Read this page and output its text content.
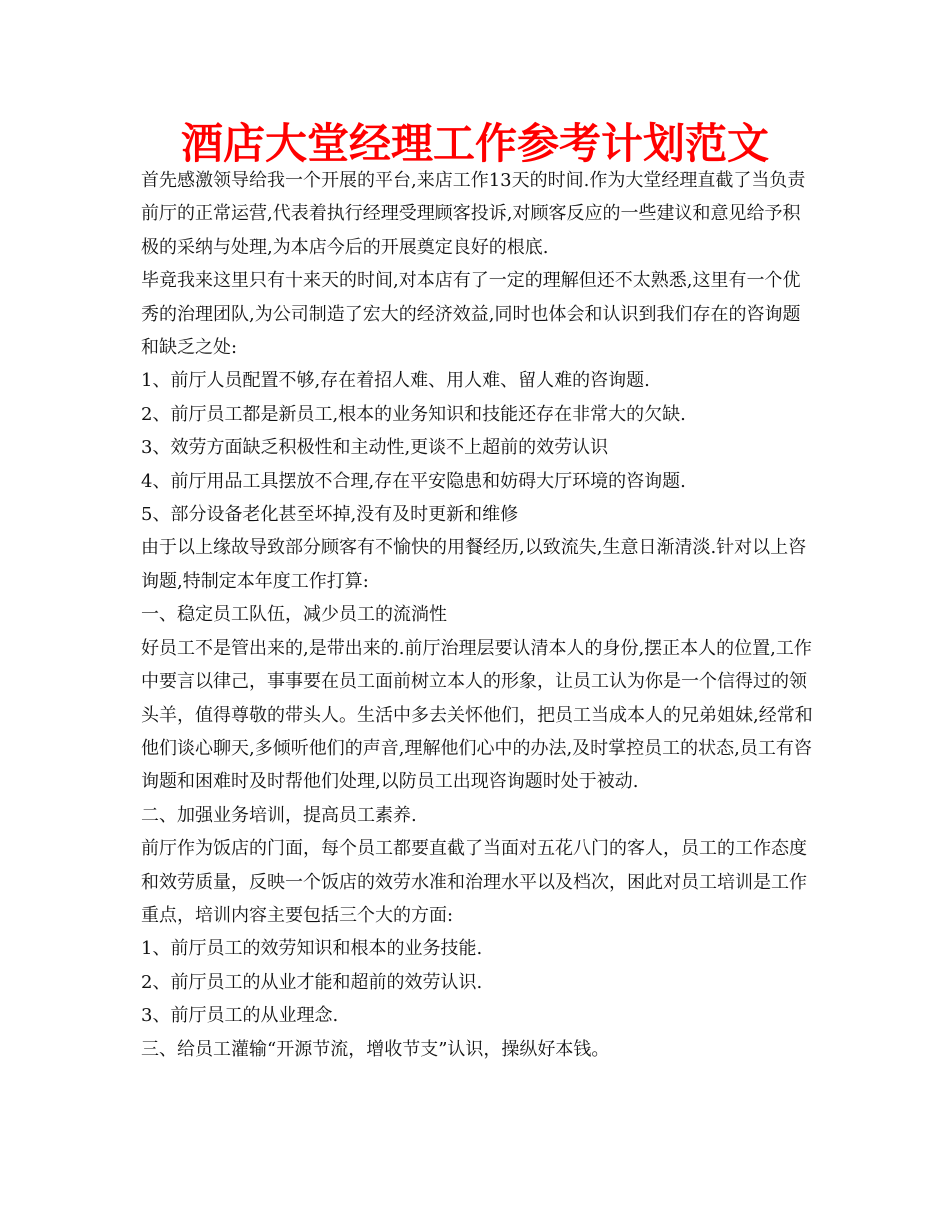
酒店大堂经理工作参考计划范文

首先感激领导给我一个开展的平台,来店工作13天的时间.作为大堂经理直截了当负责前厅的正常运营,代表着执行经理受理顾客投诉,对顾客反应的一些建议和意见给予积极的采纳与处理,为本店今后的开展奠定良好的根底.

毕竟我来这里只有十来天的时间,对本店有了一定的理解但还不太熟悉,这里有一个优秀的治理团队,为公司制造了宏大的经济效益,同时也体会和认识到我们存在的咨询题和缺乏之处:

1、前厅人员配置不够,存在着招人难、用人难、留人难的咨询题.

2、前厅员工都是新员工,根本的业务知识和技能还存在非常大的欠缺.

3、效劳方面缺乏积极性和主动性,更谈不上超前的效劳认识

4、前厅用品工具摆放不合理,存在平安隐患和妨碍大厅环境的咨询题.

5、部分设备老化甚至坏掉,没有及时更新和维修

由于以上缘故导致部分顾客有不愉快的用餐经历,以致流失,生意日渐清淡.针对以上咨询题,特制定本年度工作打算:

一、稳定员工队伍，减少员工的流淌性

好员工不是管出来的,是带出来的.前厅治理层要认清本人的身份,摆正本人的位置,工作中要言以律己，事事要在员工面前树立本人的形象，让员工认为你是一个信得过的领头羊，值得尊敬的带头人。生活中多去关怀他们，把员工当成本人的兄弟姐妹,经常和他们谈心聊天,多倾听他们的声音,理解他们心中的办法,及时掌控员工的状态,员工有咨询题和困难时及时帮他们处理,以防员工出现咨询题时处于被动.

二、加强业务培训，提高员工素养.

前厅作为饭店的门面，每个员工都要直截了当面对五花八门的客人，员工的工作态度和效劳质量，反映一个饭店的效劳水准和治理水平以及档次，困此对员工培训是工作重点，培训内容主要包括三个大的方面:

1、前厅员工的效劳知识和根本的业务技能.

2、前厅员工的从业才能和超前的效劳认识.

3、前厅员工的从业理念.

三、给员工灌输“开源节流，增收节支”认识，操纵好本钱。
